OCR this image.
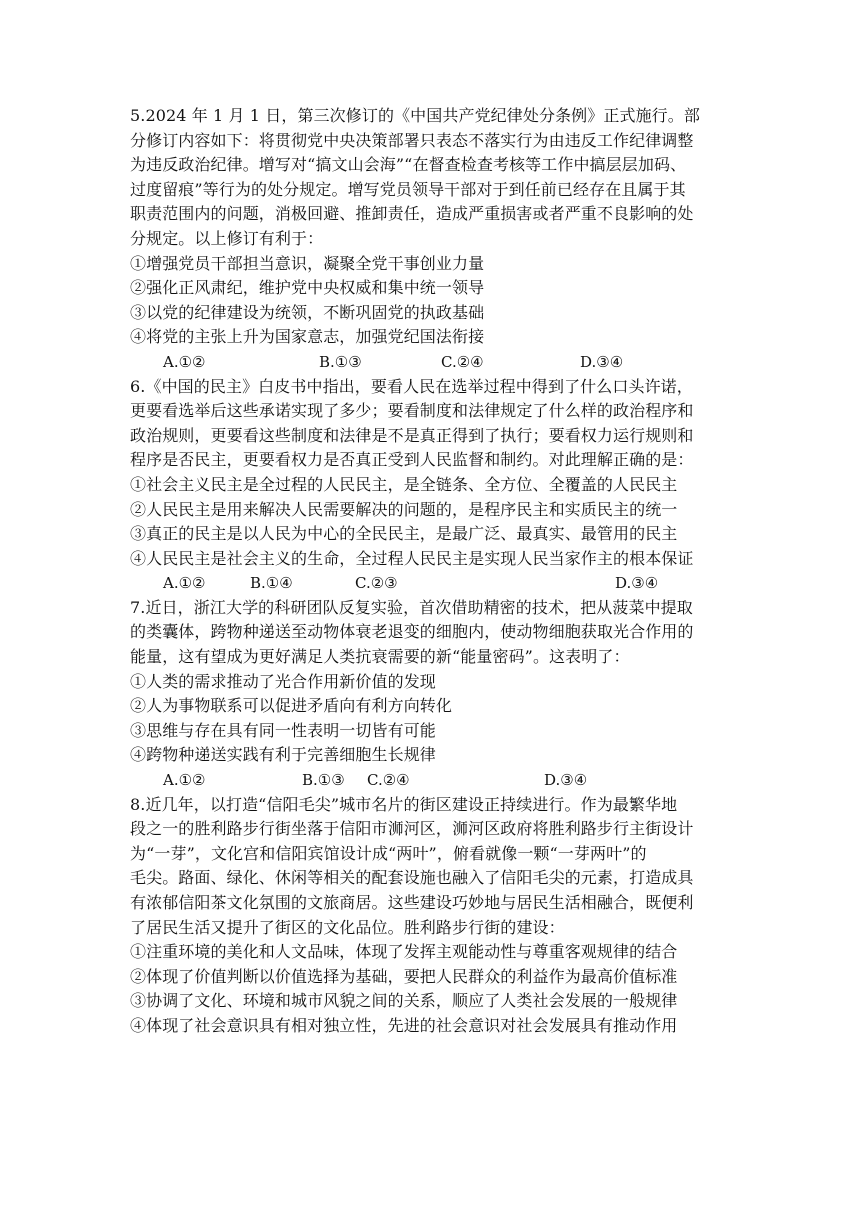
5.2024 年 1 月 1 日，第三次修订的《中国共产党纪律处分条例》正式施行。部
分修订内容如下：将贯彻党中央决策部署只表态不落实行为由违反工作纪律调整
为违反政治纪律。增写对“搞文山会海”“在督查检查考核等工作中搞层层加码、
过度留痕”等行为的处分规定。增写党员领导干部对于到任前已经存在且属于其
职责范围内的问题，消极回避、推卸责任，造成严重损害或者严重不良影响的处
分规定。以上修订有利于：
①增强党员干部担当意识，凝聚全党干事创业力量
②强化正风肃纪，维护党中央权威和集中统一领导
③以党的纪律建设为统领，不断巩固党的执政基础
④将党的主张上升为国家意志，加强党纪国法衔接
A.①②	B.①③	C.②④	D.③④
6.《中国的民主》白皮书中指出，要看人民在选举过程中得到了什么口头许诺，
更要看选举后这些承诺实现了多少；要看制度和法律规定了什么样的政治程序和
政治规则，更要看这些制度和法律是不是真正得到了执行；要看权力运行规则和
程序是否民主，更要看权力是否真正受到人民监督和制约。对此理解正确的是：
①社会主义民主是全过程的人民民主，是全链条、全方位、全覆盖的人民民主
②人民民主是用来解决人民需要解决的问题的，是程序民主和实质民主的统一
③真正的民主是以人民为中心的全民民主，是最广泛、最真实、最管用的民主
④人民民主是社会主义的生命，全过程人民民主是实现人民当家作主的根本保证
A.①②	B.①④	C.②③	D.③④
7.近日，浙江大学的科研团队反复实验，首次借助精密的技术，把从菠菜中提取
的类囊体，跨物种递送至动物体衰老退变的细胞内，使动物细胞获取光合作用的
能量，这有望成为更好满足人类抗衰需要的新“能量密码”。这表明了：
①人类的需求推动了光合作用新价值的发现
②人为事物联系可以促进矛盾向有利方向转化
③思维与存在具有同一性表明一切皆有可能
④跨物种递送实践有利于完善细胞生长规律
A.①②	B.①③ C.②④	D.③④
8.近几年，以打造“信阳毛尖”城市名片的街区建设正持续进行。作为最繁华地
段之一的胜利路步行街坐落于信阳市浉河区，浉河区政府将胜利路步行主街设计
为“一芽”，文化宫和信阳宾馆设计成“两叶”，俯看就像一颗“一芽两叶”的
毛尖。路面、绿化、休闲等相关的配套设施也融入了信阳毛尖的元素，打造成具
有浓郁信阳茶文化氛围的文旅商居。这些建设巧妙地与居民生活相融合，既便利
了居民生活又提升了街区的文化品位。胜利路步行街的建设：
①注重环境的美化和人文品味，体现了发挥主观能动性与尊重客观规律的结合
②体现了价值判断以价值选择为基础，要把人民群众的利益作为最高价值标准
③协调了文化、环境和城市风貌之间的关系，顺应了人类社会发展的一般规律
④体现了社会意识具有相对独立性，先进的社会意识对社会发展具有推动作用
